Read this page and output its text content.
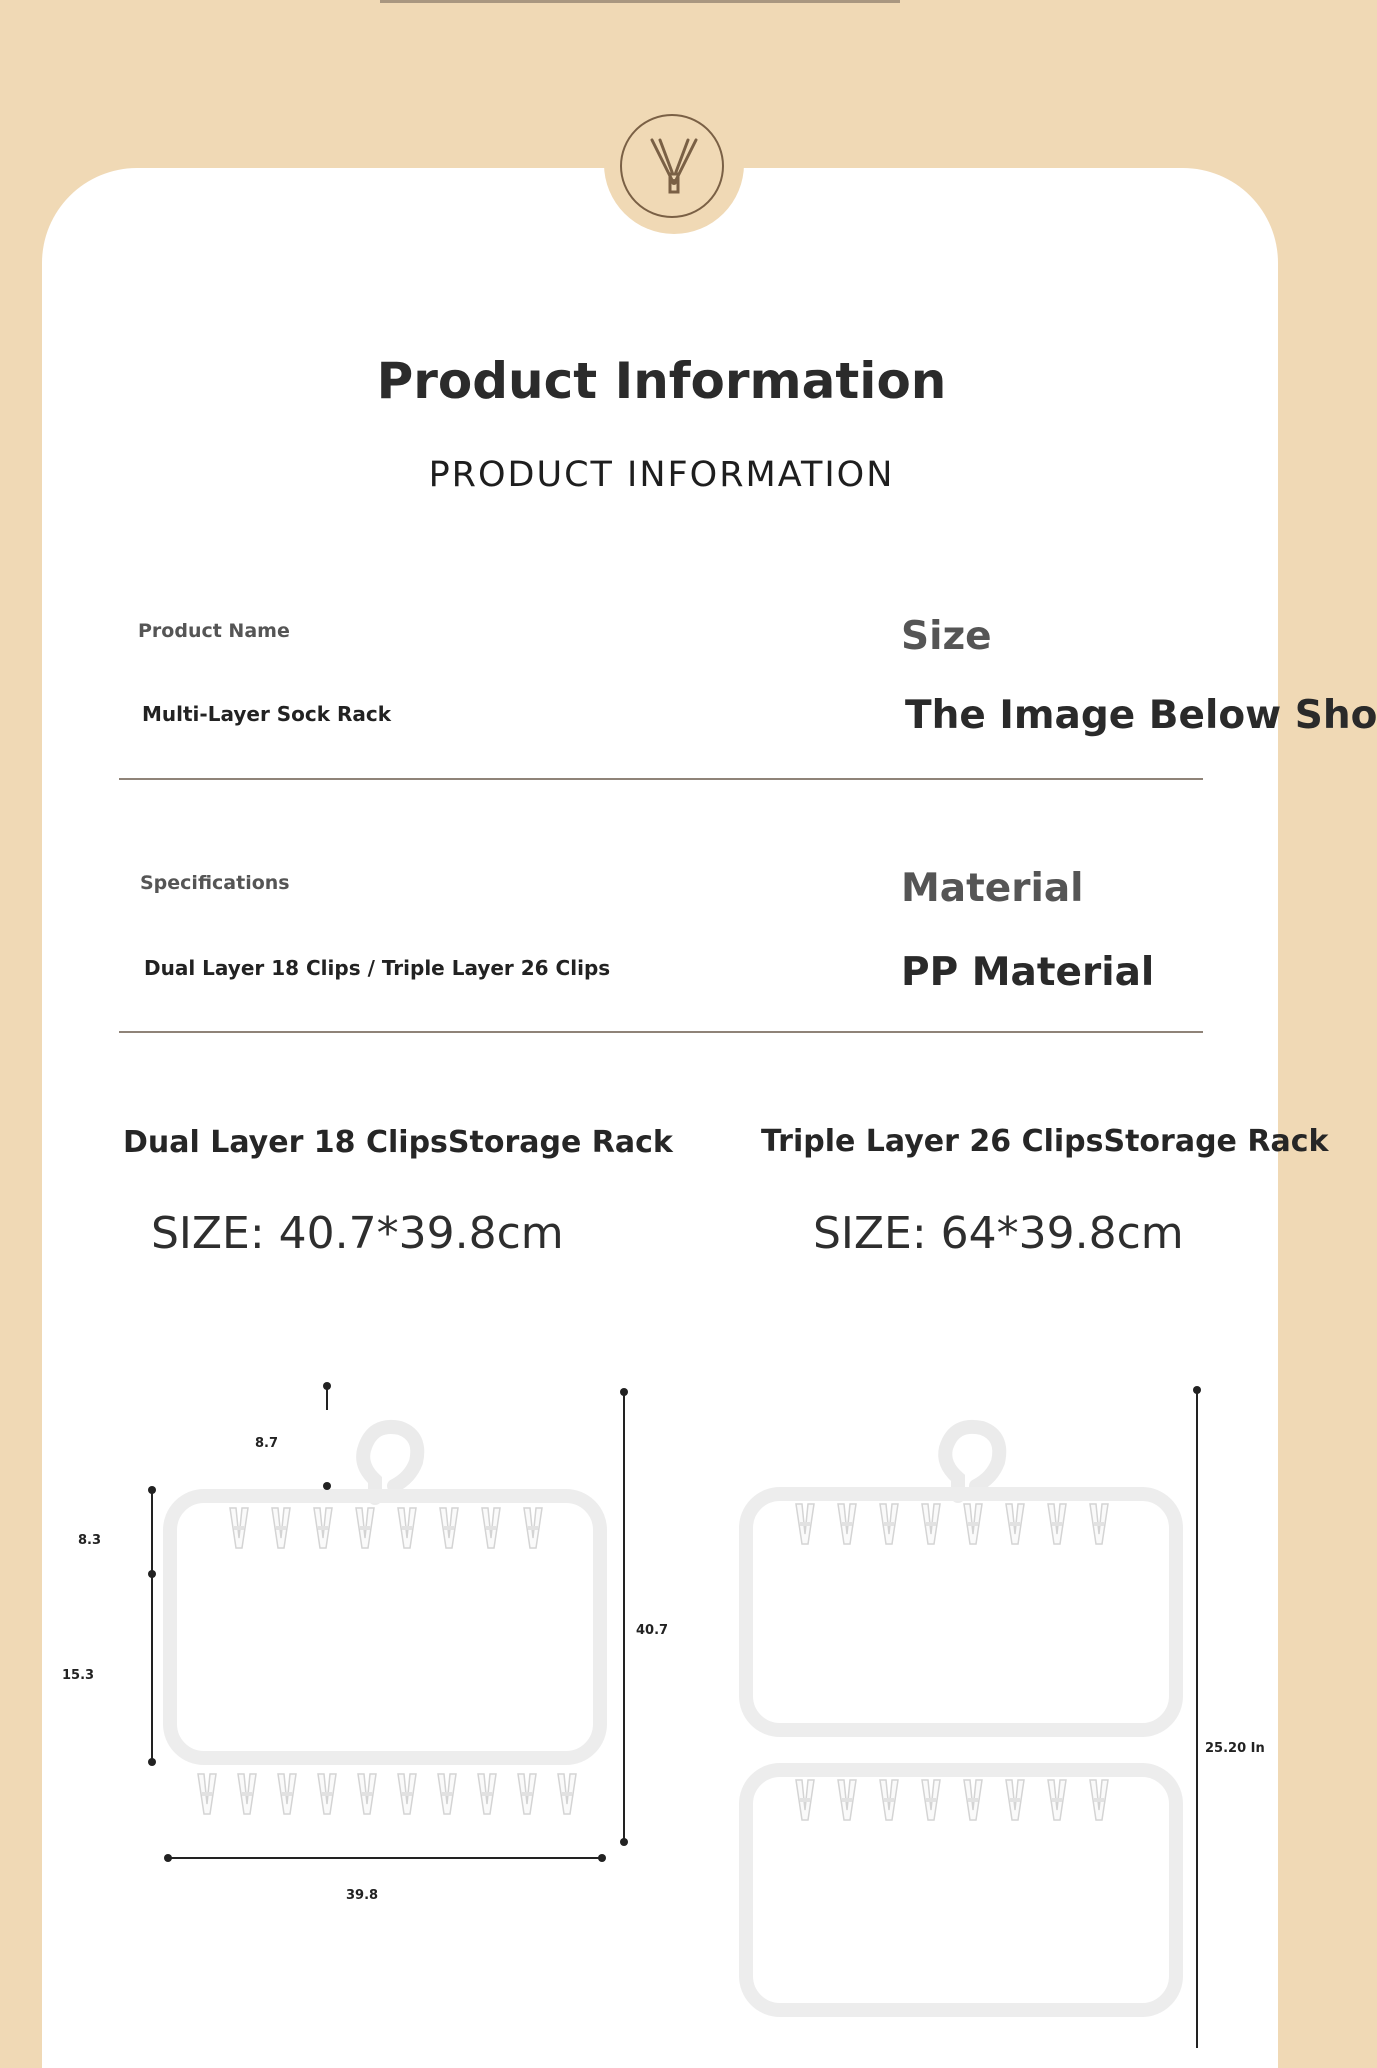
Product Information
PRODUCT INFORMATION
Product Name
Multi-Layer Sock Rack
Size
The Image Below Sho
Specifications
Dual Layer 18 Clips / Triple Layer 26 Clips
Material
PP Material
Dual Layer 18 ClipsStorage Rack	Triple Layer 26 ClipsStorage Rack
SIZE: 40.7*39.8cm	SIZE: 64*39.8cm
8.7
8.3
15.3
40.7
39.8
25.20 In
